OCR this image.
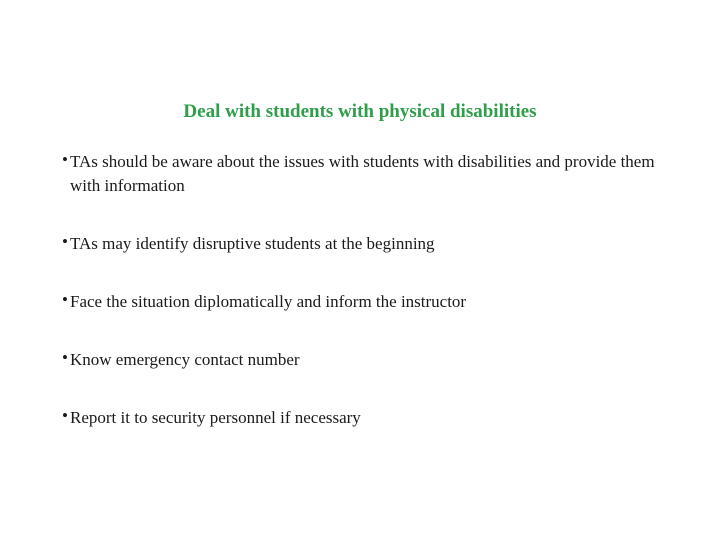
Deal with students with physical disabilities
• TAs should be aware about the issues with students with disabilities and provide them with information
• TAs may identify disruptive students at the beginning
• Face the situation diplomatically and inform the instructor
• Know emergency contact number
• Report it to security personnel if necessary
